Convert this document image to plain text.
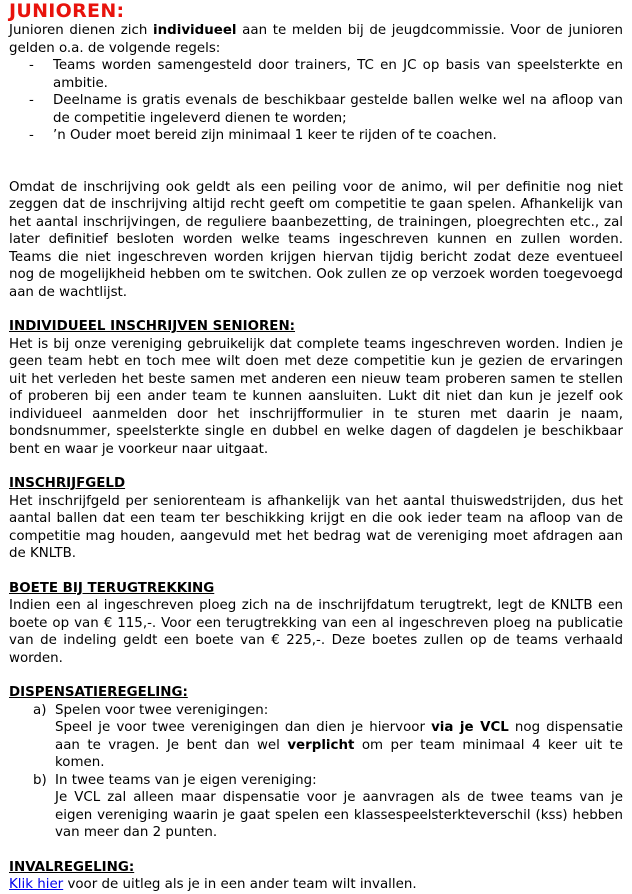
JUNIOREN:

Junioren dienen zich individueel aan te melden bij de jeugdcommissie. Voor de junioren gelden o.a. de volgende regels:

- Teams worden samengesteld door trainers, TC en JC op basis van speelsterkte en ambitie.
- Deelname is gratis evenals de beschikbaar gestelde ballen welke wel na afloop van de competitie ingeleverd dienen te worden;
- ’n Ouder moet bereid zijn minimaal 1 keer te rijden of te coachen.

Omdat de inschrijving ook geldt als een peiling voor de animo, wil per definitie nog niet zeggen dat de inschrijving altijd recht geeft om competitie te gaan spelen. Afhankelijk van het aantal inschrijvingen, de reguliere baanbezetting, de trainingen, ploegrechten etc., zal later definitief besloten worden welke teams ingeschreven kunnen en zullen worden. Teams die niet ingeschreven worden krijgen hiervan tijdig bericht zodat deze eventueel nog de mogelijkheid hebben om te switchen. Ook zullen ze op verzoek worden toegevoegd aan de wachtlijst.

INDIVIDUEEL INSCHRIJVEN SENIOREN:

Het is bij onze vereniging gebruikelijk dat complete teams ingeschreven worden. Indien je geen team hebt en toch mee wilt doen met deze competitie kun je gezien de ervaringen uit het verleden het beste samen met anderen een nieuw team proberen samen te stellen of proberen bij een ander team te kunnen aansluiten. Lukt dit niet dan kun je jezelf ook individueel aanmelden door het inschrijfformulier in te sturen met daarin je naam, bondsnummer, speelsterkte single en dubbel en welke dagen of dagdelen je beschikbaar bent en waar je voorkeur naar uitgaat.

INSCHRIJFGELD

Het inschrijfgeld per seniorenteam is afhankelijk van het aantal thuiswedstrijden, dus het aantal ballen dat een team ter beschikking krijgt en die ook ieder team na afloop van de competitie mag houden, aangevuld met het bedrag wat de vereniging moet afdragen aan de KNLTB.

BOETE BIJ TERUGTREKKING

Indien een al ingeschreven ploeg zich na de inschrijfdatum terugtrekt, legt de KNLTB een boete op van € 115,-. Voor een terugtrekking van een al ingeschreven ploeg na publicatie van de indeling geldt een boete van € 225,-. Deze boetes zullen op de teams verhaald worden.

DISPENSATIEREGELING:
a) Spelen voor twee verenigingen:
Speel je voor twee verenigingen dan dien je hiervoor via je VCL nog dispensatie aan te vragen. Je bent dan wel verplicht om per team minimaal 4 keer uit te komen.
b) In twee teams van je eigen vereniging:
Je VCL zal alleen maar dispensatie voor je aanvragen als de twee teams van je eigen vereniging waarin je gaat spelen een klassespeelsterkteverschil (kss) hebben van meer dan 2 punten.
INVALREGELING:

Klik hier voor de uitleg als je in een ander team wilt invallen.
